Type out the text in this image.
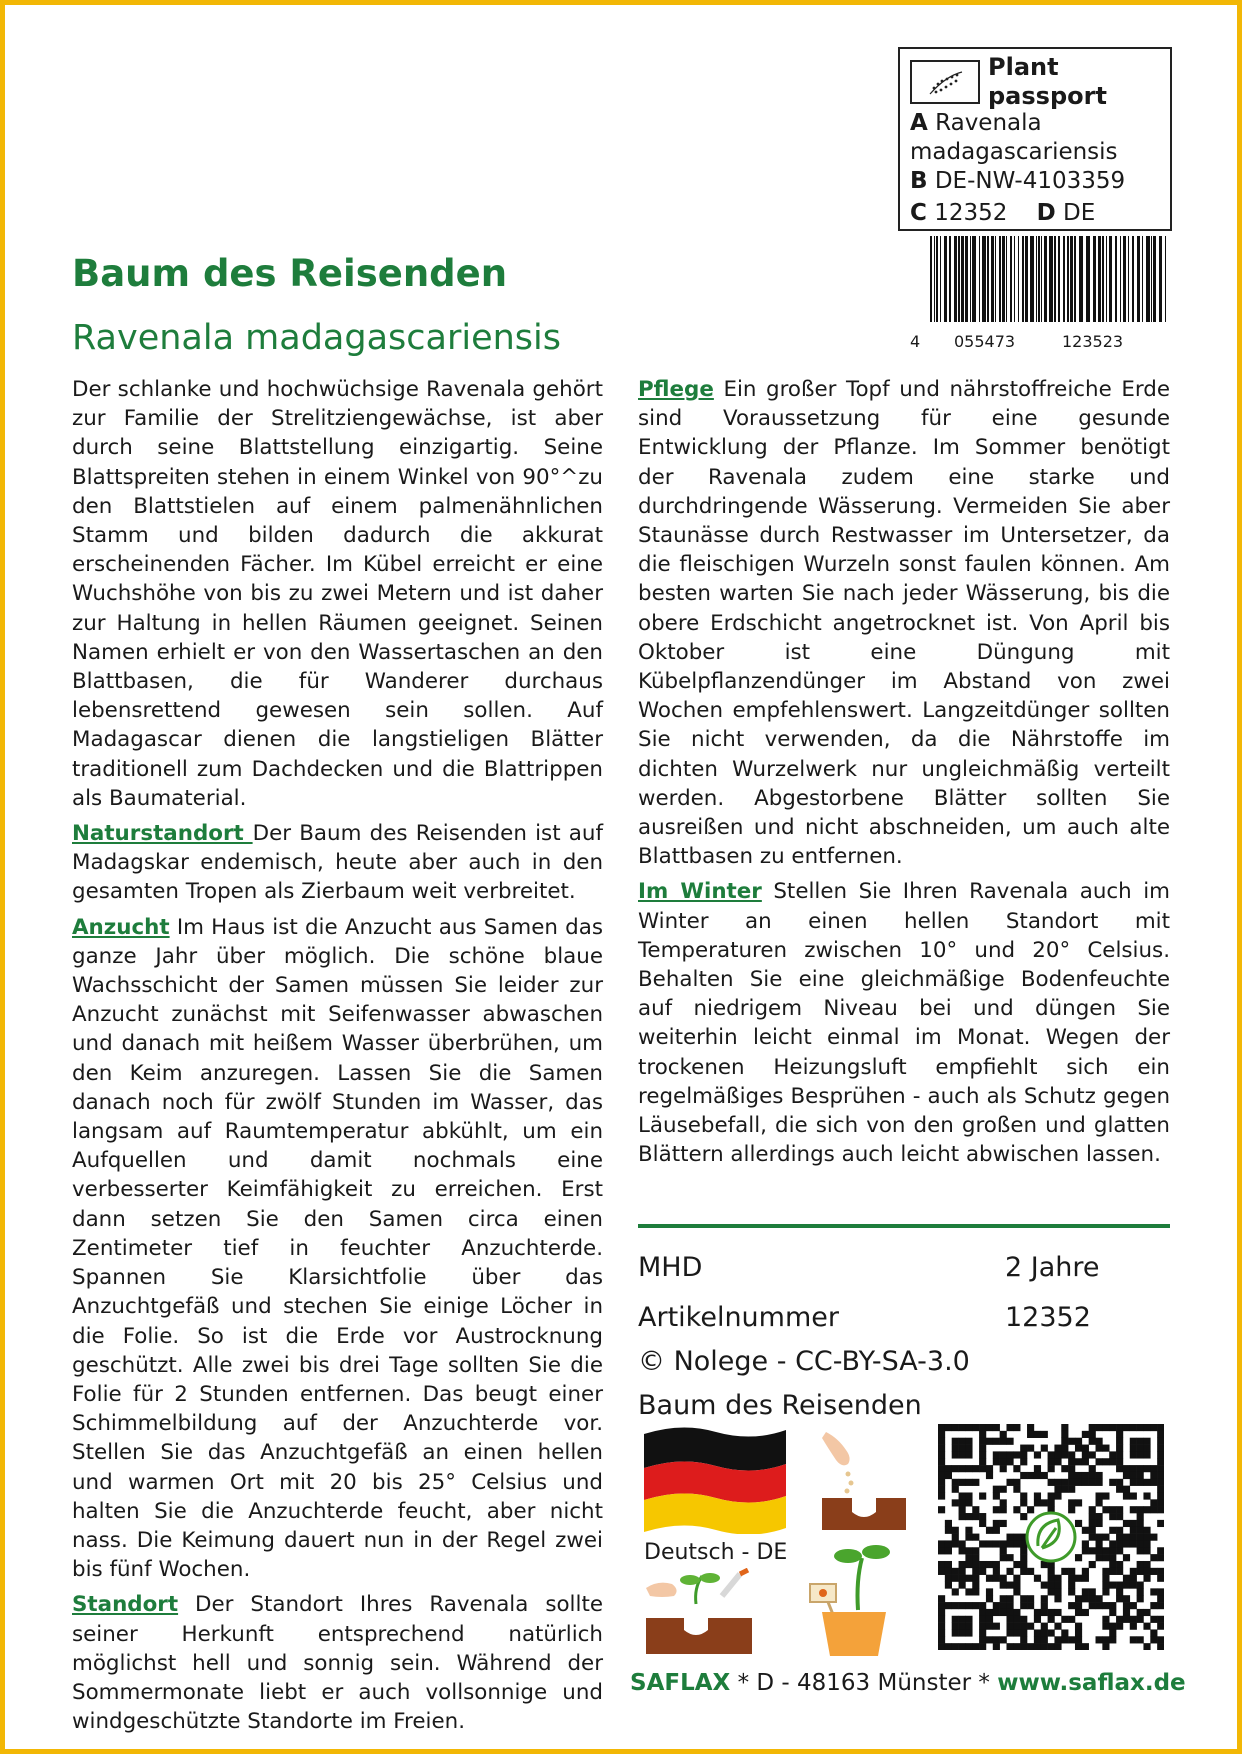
Plant passport
A Ravenala
madagascariensis
B DE-NW-4103359
C 12352 D DE
4 055473	123523
Baum des Reisenden
Ravenala madagascariensis

Der schlanke und hochwüchsige Ravenala gehört zur Familie der Strelitziengewächse, ist aber durch seine Blattstellung einzigartig. Seine Blattspreiten stehen in einem Winkel von 90°^zu den Blattstielen auf einem palmenähnlichen Stamm und bilden dadurch die akkurat erscheinenden Fächer. Im Kübel erreicht er eine Wuchshöhe von bis zu zwei Metern und ist daher zur Haltung in hellen Räumen geeignet. Seinen Namen erhielt er von den Wassertaschen an den Blattbasen, die für Wanderer durchaus lebensrettend gewesen sein sollen. Auf Madagascar dienen die langstieligen Blätter traditionell zum Dachdecken und die Blattrippen als Baumaterial.

Naturstandort Der Baum des Reisenden ist auf Madagskar endemisch, heute aber auch in den gesamten Tropen als Zierbaum weit verbreitet.

Anzucht Im Haus ist die Anzucht aus Samen das ganze Jahr über möglich. Die schöne blaue Wachsschicht der Samen müssen Sie leider zur Anzucht zunächst mit Seifenwasser abwaschen und danach mit heißem Wasser überbrühen, um den Keim anzuregen. Lassen Sie die Samen danach noch für zwölf Stunden im Wasser, das langsam auf Raumtemperatur abkühlt, um ein Aufquellen und damit nochmals eine verbesserter Keimfähigkeit zu erreichen. Erst dann setzen Sie den Samen circa einen Zentimeter tief in feuchter Anzuchterde. Spannen Sie Klarsichtfolie über das Anzuchtgefäß und stechen Sie einige Löcher in die Folie. So ist die Erde vor Austrocknung geschützt. Alle zwei bis drei Tage sollten Sie die Folie für 2 Stunden entfernen. Das beugt einer Schimmelbildung auf der Anzuchterde vor. Stellen Sie das Anzuchtgefäß an einen hellen und warmen Ort mit 20 bis 25° Celsius und halten Sie die Anzuchterde feucht, aber nicht nass. Die Keimung dauert nun in der Regel zwei bis fünf Wochen.

Standort Der Standort Ihres Ravenala sollte seiner Herkunft entsprechend natürlich möglichst hell und sonnig sein. Während der Sommermonate liebt er auch vollsonnige und windgeschützte Standorte im Freien.

Pflege Ein großer Topf und nährstoffreiche Erde sind Voraussetzung für eine gesunde Entwicklung der Pflanze. Im Sommer benötigt der Ravenala zudem eine starke und durchdringende Wässerung. Vermeiden Sie aber Staunässe durch Restwasser im Untersetzer, da die fleischigen Wurzeln sonst faulen können. Am besten warten Sie nach jeder Wässerung, bis die obere Erdschicht angetrocknet ist. Von April bis Oktober ist eine Düngung mit Kübelpflanzendünger im Abstand von zwei Wochen empfehlenswert. Langzeitdünger sollten Sie nicht verwenden, da die Nährstoffe im dichten Wurzelwerk nur ungleichmäßig verteilt werden. Abgestorbene Blätter sollten Sie ausreißen und nicht abschneiden, um auch alte Blattbasen zu entfernen.

Im Winter Stellen Sie Ihren Ravenala auch im Winter an einen hellen Standort mit Temperaturen zwischen 10° und 20° Celsius. Behalten Sie eine gleichmäßige Bodenfeuchte auf niedrigem Niveau bei und düngen Sie weiterhin leicht einmal im Monat. Wegen der trockenen Heizungsluft empfiehlt sich ein regelmäßiges Besprühen - auch als Schutz gegen Läusebefall, die sich von den großen und glatten Blättern allerdings auch leicht abwischen lassen.

MHD	2 Jahre
Artikelnummer	12352
© Nolege - CC-BY-SA-3.0
Baum des Reisenden
Deutsch - DE
SAFLAX * D - 48163 Münster * www.saflax.de
